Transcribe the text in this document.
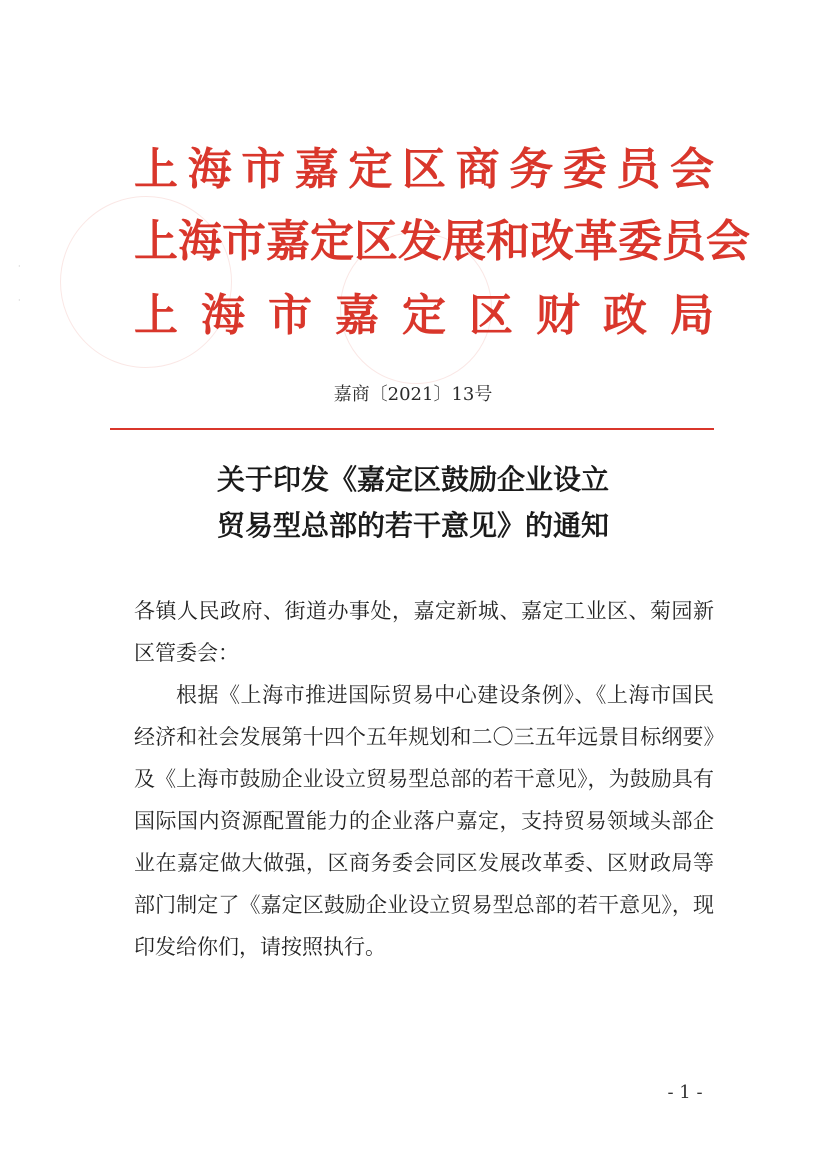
·
·
上海市嘉定区商务委员会
上海市嘉定区发展和改革委员会
上海市嘉定区财政局
嘉商〔2021〕13号
关于印发《嘉定区鼓励企业设立
贸易型总部的若干意见》的通知

各镇人民政府、街道办事处，嘉定新城、嘉定工业区、菊园新区管委会：

根据《上海市推进国际贸易中心建设条例》、《上海市国民经济和社会发展第十四个五年规划和二〇三五年远景目标纲要》及《上海市鼓励企业设立贸易型总部的若干意见》，为鼓励具有国际国内资源配置能力的企业落户嘉定，支持贸易领域头部企业在嘉定做大做强，区商务委会同区发展改革委、区财政局等部门制定了《嘉定区鼓励企业设立贸易型总部的若干意见》，现印发给你们，请按照执行。

- 1 -
